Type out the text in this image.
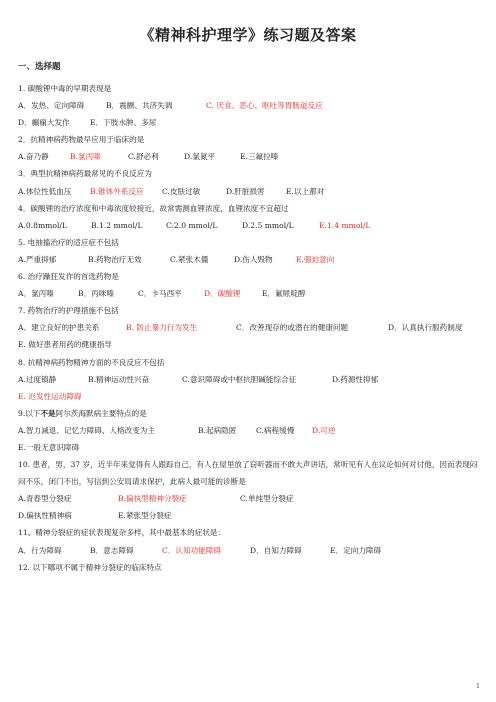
《精神科护理学》练习题及答案
一、选择题
1. 碳酸锂中毒的早期表现是
A．发热、定向障碍	B．震颤、共济失调	C. 厌食、恶心、呕吐等胃肠道反应
D．癫痫大发作	E．下肢水肿、多尿
2．抗精神病药物最早应用于临床的是
A.奋乃静	B.氯丙嗪	C.舒必利	D.氯氮平	E.三氟拉嗪
3．典型抗精神病药最常见的不良反应为
A.体位性低血压 B.锥体外系反应 C.皮肤过敏	D.肝脏损害	E.以上都对
4．碳酸锂的治疗浓度和中毒浓度较接近，故常需测血锂浓度，血锂浓度不宜超过
A.0.8mmol/L	B.1.2 mmol/L	C.2.0 mmol/L	D.2.5 mmol/L	E.1.4 mmol/L
5. 电抽搐治疗的适应症不包括
A.严重抑郁	B.药物治疗无效	C.紧张木僵	D.伤人毁物	E.强迫意向
6. 治疗躁狂发作的首选药物是
A．氯丙嗪	B．丙咪嗪	C．卡马西平	D．碳酸锂	E．氟哌啶醇
7. 药物治疗的护理措施不包括
A．建立良好的护患关系	B. 防止暴力行为发生	C．改善现存的或潜在的健康问题	D．认真执行服药制度
E. 做好患者用药的健康指导
8. 抗精神病药物精神方面的不良反应不包括
A.过度镇静	B.精神运动性兴奋	C.意识障碍或中枢抗胆碱能综合征	D.药源性抑郁
E. 迟发性运动障碍
9.以下不是阿尔茨海默病主要特点的是
A.智力减退、记忆力障碍、人格改变为主	B.起病隐匿	C.病程缓慢 D.可逆
E.一般无意识障碍
10. 患者，男，37 岁，近半年来觉得有人跟踪自己，有人在屋里放了窃听器而不敢大声讲话，常听见有人在议论如何对付他，因而表现闷闷不乐，闭门不出，写信到公安局请求保护，此病人最可能的诊断是
A.青春型分裂症	B.偏执型精神分裂症	C.单纯型分裂症
D.偏执性精神病	E.紧张型分裂症
11、精神分裂症的症状表现复杂多样，其中最基本的症状是：
A．行为障碍	B．意志障碍	C．认知功能障碍	D．自知力障碍	E．定向力障碍
12. 以下哪项不属于精神分裂症的临床特点
1
